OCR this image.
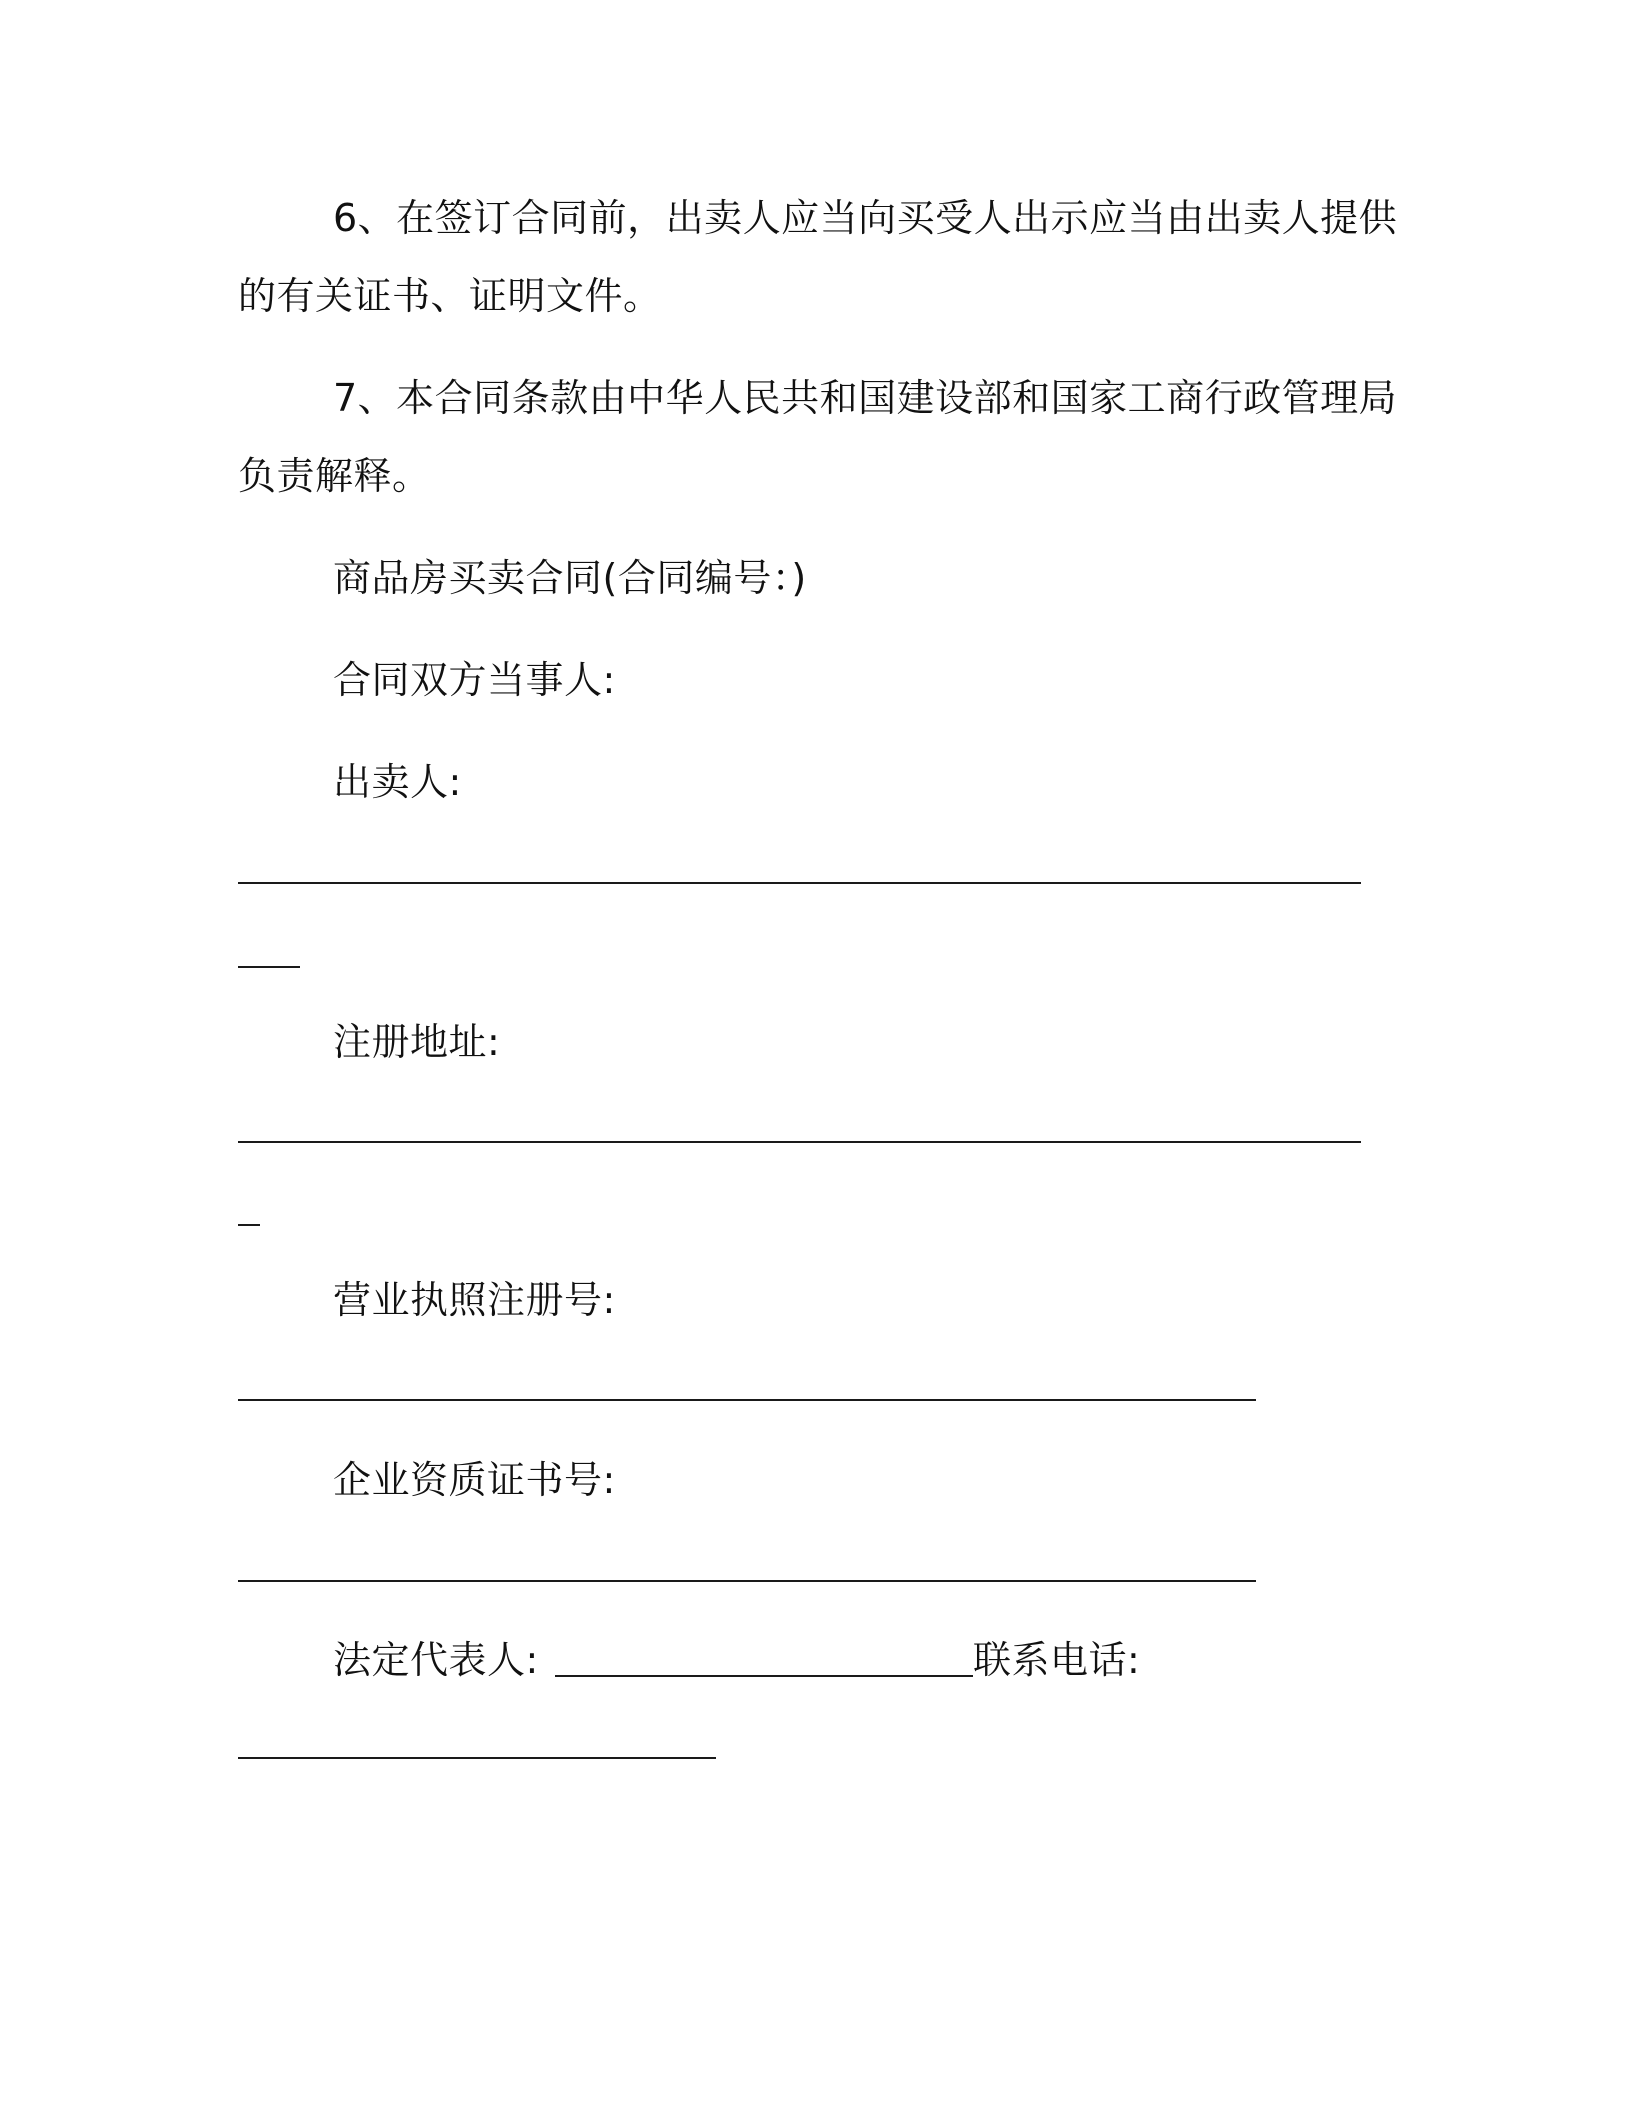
6、在签订合同前，出卖人应当向买受人出示应当由出卖人提供

的有关证书、证明文件。

7、本合同条款由中华人民共和国建设部和国家工商行政管理局

负责解释。

商品房买卖合同(合同编号：)

合同双方当事人:

出卖人:

注册地址:

营业执照注册号:

企业资质证书号:

法定代表人:	联系电话:
